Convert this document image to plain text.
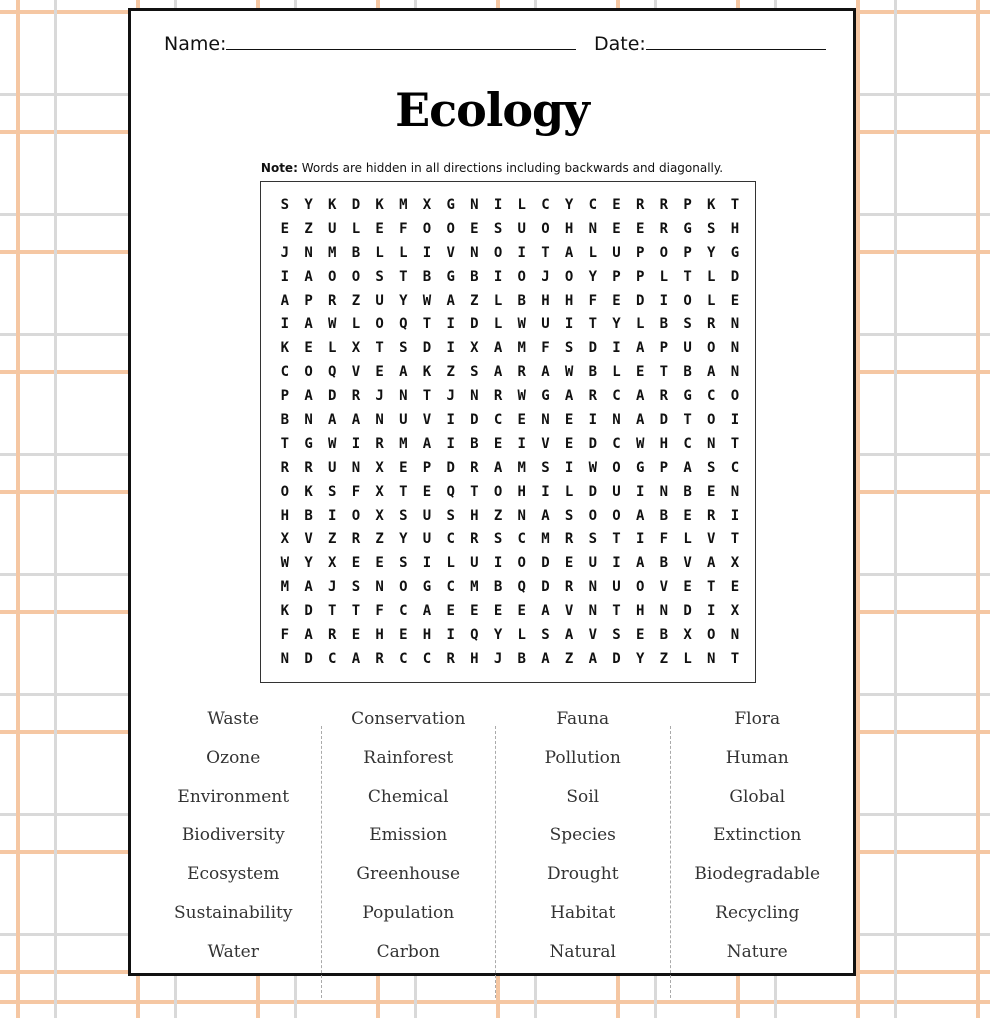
Name:	Date:
Ecology
Note: Words are hidden in all directions including backwards and diagonally.
S	Y	K	D	K	M	X	G	N	I	L	C	Y	C	E	R	R	P	K	T
E	Z	U	L	E	F	O	O	E	S	U	O	H	N	E	E	R	G	S	H
J	N	M	B	L	L	I	V	N	O	I	T	A	L	U	P	O	P	Y	G
I	A	O	O	S	T	B	G	B	I	O	J	O	Y	P	P	L	T	L	D
A	P	R	Z	U	Y	W	A	Z	L	B	H	H	F	E	D	I	O	L	E
I	A	W	L	O	Q	T	I	D	L	W	U	I	T	Y	L	B	S	R	N
K	E	L	X	T	S	D	I	X	A	M	F	S	D	I	A	P	U	O	N
C	O	Q	V	E	A	K	Z	S	A	R	A	W	B	L	E	T	B	A	N
P	A	D	R	J	N	T	J	N	R	W	G	A	R	C	A	R	G	C	O
B	N	A	A	N	U	V	I	D	C	E	N	E	I	N	A	D	T	O	I
T	G	W	I	R	M	A	I	B	E	I	V	E	D	C	W	H	C	N	T
R	R	U	N	X	E	P	D	R	A	M	S	I	W	O	G	P	A	S	C
O	K	S	F	X	T	E	Q	T	O	H	I	L	D	U	I	N	B	E	N
H	B	I	O	X	S	U	S	H	Z	N	A	S	O	O	A	B	E	R	I
X	V	Z	R	Z	Y	U	C	R	S	C	M	R	S	T	I	F	L	V	T
W	Y	X	E	E	S	I	L	U	I	O	D	E	U	I	A	B	V	A	X
M	A	J	S	N	O	G	C	M	B	Q	D	R	N	U	O	V	E	T	E
K	D	T	T	F	C	A	E	E	E	E	A	V	N	T	H	N	D	I	X
F	A	R	E	H	E	H	I	Q	Y	L	S	A	V	S	E	B	X	O	N
N	D	C	A	R	C	C	R	H	J	B	A	Z	A	D	Y	Z	L	N	T
Waste
Ozone
Environment
Biodiversity
Ecosystem
Sustainability
Water
Conservation
Rainforest
Chemical
Emission
Greenhouse
Population
Carbon
Fauna
Pollution
Soil
Species
Drought
Habitat
Natural
Flora
Human
Global
Extinction
Biodegradable
Recycling
Nature
